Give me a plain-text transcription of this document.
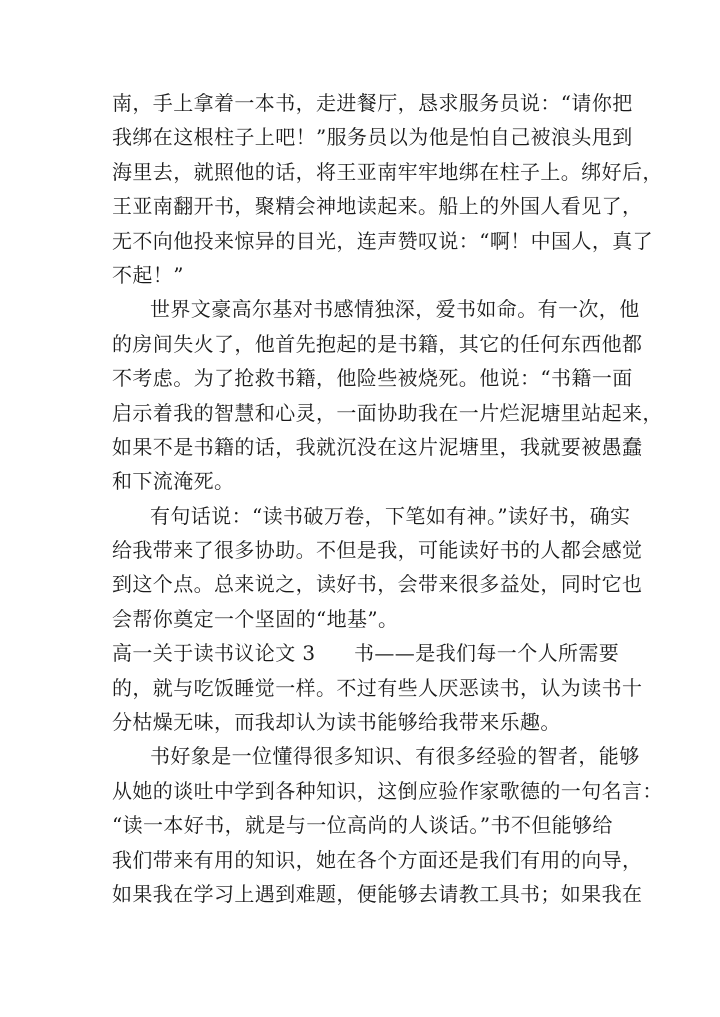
南，手上拿着一本书，走进餐厅，恳求服务员说：“请你把
我绑在这根柱子上吧！”服务员以为他是怕自己被浪头甩到
海里去，就照他的话，将王亚南牢牢地绑在柱子上。绑好后，
王亚南翻开书，聚精会神地读起来。船上的外国人看见了，
无不向他投来惊异的目光，连声赞叹说：“啊！中国人，真了
不起！”
世界文豪高尔基对书感情独深，爱书如命。有一次，他
的房间失火了，他首先抱起的是书籍，其它的任何东西他都
不考虑。为了抢救书籍，他险些被烧死。他说：“书籍一面
启示着我的智慧和心灵，一面协助我在一片烂泥塘里站起来，
如果不是书籍的话，我就沉没在这片泥塘里，我就要被愚蠢
和下流淹死。
有句话说：“读书破万卷，下笔如有神。”读好书，确实
给我带来了很多协助。不但是我，可能读好书的人都会感觉
到这个点。总来说之，读好书，会带来很多益处，同时它也
会帮你奠定一个坚固的“地基”。
高一关于读书议论文 3	书——是我们每一个人所需要
的，就与吃饭睡觉一样。不过有些人厌恶读书，认为读书十
分枯燥无味，而我却认为读书能够给我带来乐趣。
书好象是一位懂得很多知识、有很多经验的智者，能够
从她的谈吐中学到各种知识，这倒应验作家歌德的一句名言：
“读一本好书，就是与一位高尚的人谈话。”书不但能够给
我们带来有用的知识，她在各个方面还是我们有用的向导，
如果我在学习上遇到难题，便能够去请教工具书；如果我在
